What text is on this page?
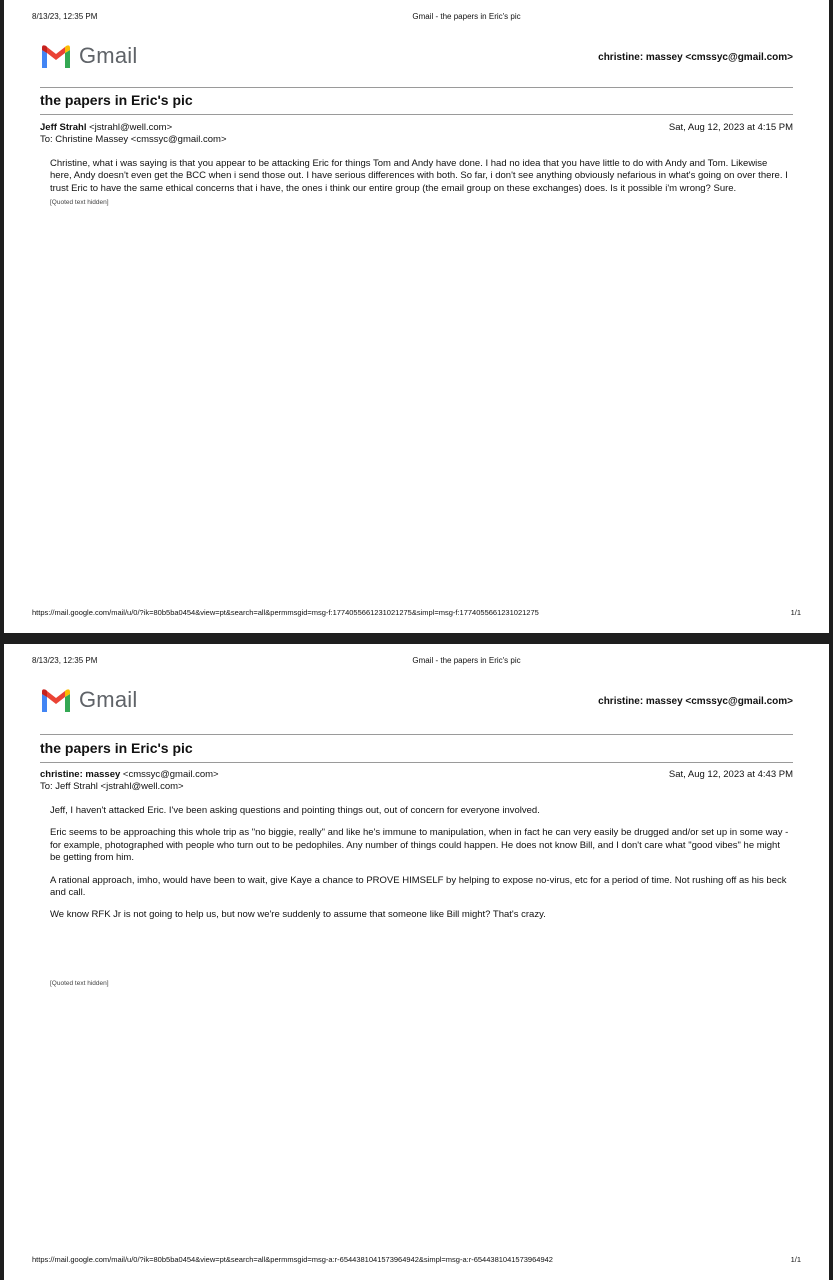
8/13/23, 12:35 PM	Gmail - the papers in Eric's pic
Gmail	christine: massey <cmssyc@gmail.com>
the papers in Eric's pic
Jeff Strahl <jstrahl@well.com>	Sat, Aug 12, 2023 at 4:15 PM
To: Christine Massey <cmssyc@gmail.com>

Christine, what i was saying is that you appear to be attacking Eric for things Tom and Andy have done. I had no idea that you have little to do with Andy and Tom. Likewise here, Andy doesn't even get the BCC when i send those out. I have serious differences with both. So far, i don't see anything obviously nefarious in what's going on over there. I trust Eric to have the same ethical concerns that i have, the ones i think our entire group (the email group on these exchanges) does. Is it possible i'm wrong? Sure.

[Quoted text hidden]
https://mail.google.com/mail/u/0/?ik=80b5ba0454&view=pt&search=all&permmsgid=msg-f:1774055661231021275&simpl=msg-f:1774055661231021275	1/1
8/13/23, 12:35 PM	Gmail - the papers in Eric's pic
Gmail	christine: massey <cmssyc@gmail.com>
the papers in Eric's pic
christine: massey <cmssyc@gmail.com>	Sat, Aug 12, 2023 at 4:43 PM
To: Jeff Strahl <jstrahl@well.com>

Jeff, I haven't attacked Eric. I've been asking questions and pointing things out, out of concern for everyone involved.

Eric seems to be approaching this whole trip as "no biggie, really" and like he's immune to manipulation, when in fact he can very easily be drugged and/or set up in some way - for example, photographed with people who turn out to be pedophiles. Any number of things could happen. He does not know Bill, and I don't care what "good vibes" he might be getting from him.

A rational approach, imho, would have been to wait, give Kaye a chance to PROVE HIMSELF by helping to expose no-virus, etc for a period of time. Not rushing off as his beck and call.

We know RFK Jr is not going to help us, but now we're suddenly to assume that someone like Bill might? That's crazy.

[Quoted text hidden]
https://mail.google.com/mail/u/0/?ik=80b5ba0454&view=pt&search=all&permmsgid=msg-a:r-6544381041573964942&simpl=msg-a:r-6544381041573964942	1/1
